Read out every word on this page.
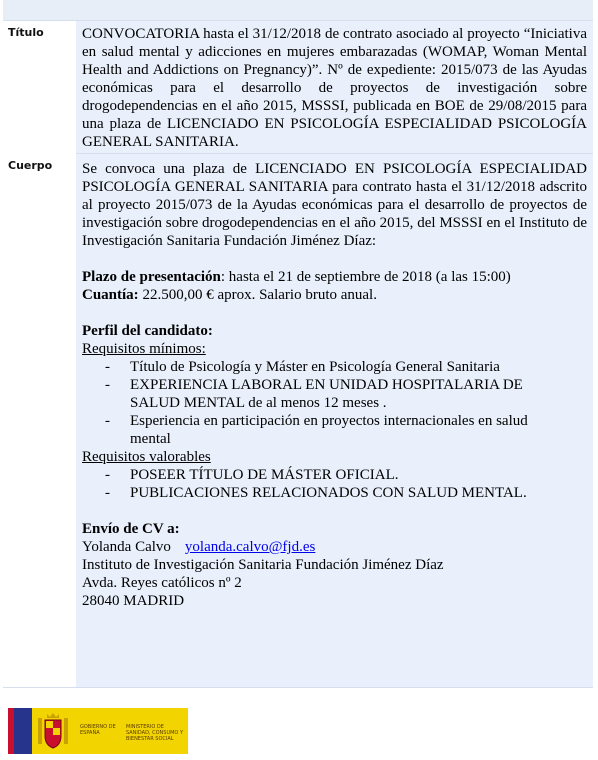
Título	CONVOCATORIA hasta el 31/12/2018 de contrato asociado al proyecto “Iniciativa en salud mental y adicciones en mujeres embarazadas (WOMAP, Woman Mental Health and Addictions on Pregnancy)”. Nº de expediente: 2015/073 de las Ayudas económicas para el desarrollo de proyectos de investigación sobre drogodependencias en el año 2015, MSSSI, publicada en BOE de 29/08/2015 para una plaza de LICENCIADO EN PSICOLOGÍA ESPECIALIDAD PSICOLOGÍA GENERAL SANITARIA.
Cuerpo	Se convoca una plaza de LICENCIADO EN PSICOLOGÍA ESPECIALIDAD PSICOLOGÍA GENERAL SANITARIA para contrato hasta el 31/12/2018 adscrito al proyecto 2015/073 de la Ayudas económicas para el desarrollo de proyectos de investigación sobre drogodependencias en el año 2015, del MSSSI en el Instituto de Investigación Sanitaria Fundación Jiménez Díaz:
Plazo de presentación: hasta el 21 de septiembre de 2018 (a las 15:00)
Cuantía: 22.500,00 € aprox. Salario bruto anual.
Perfil del candidato:
Requisitos mínimos:
- Título de Psicología y Máster en Psicología General Sanitaria
- EXPERIENCIA LABORAL EN UNIDAD HOSPITALARIA DE SALUD MENTAL de al menos 12 meses .
- Esperiencia en participación en proyectos internacionales en salud mental
Requisitos valorables
- POSEER TÍTULO DE MÁSTER OFICIAL.
- PUBLICACIONES RELACIONADOS CON SALUD MENTAL.
Envío de CV a:
Yolanda Calvo yolanda.calvo@fjd.es
Instituto de Investigación Sanitaria Fundación Jiménez Díaz
Avda. Reyes católicos nº 2
28040 MADRID
GOBIERNO DE ESPAÑA
MINISTERIO DE SANIDAD, CONSUMO Y BIENESTAR SOCIAL
